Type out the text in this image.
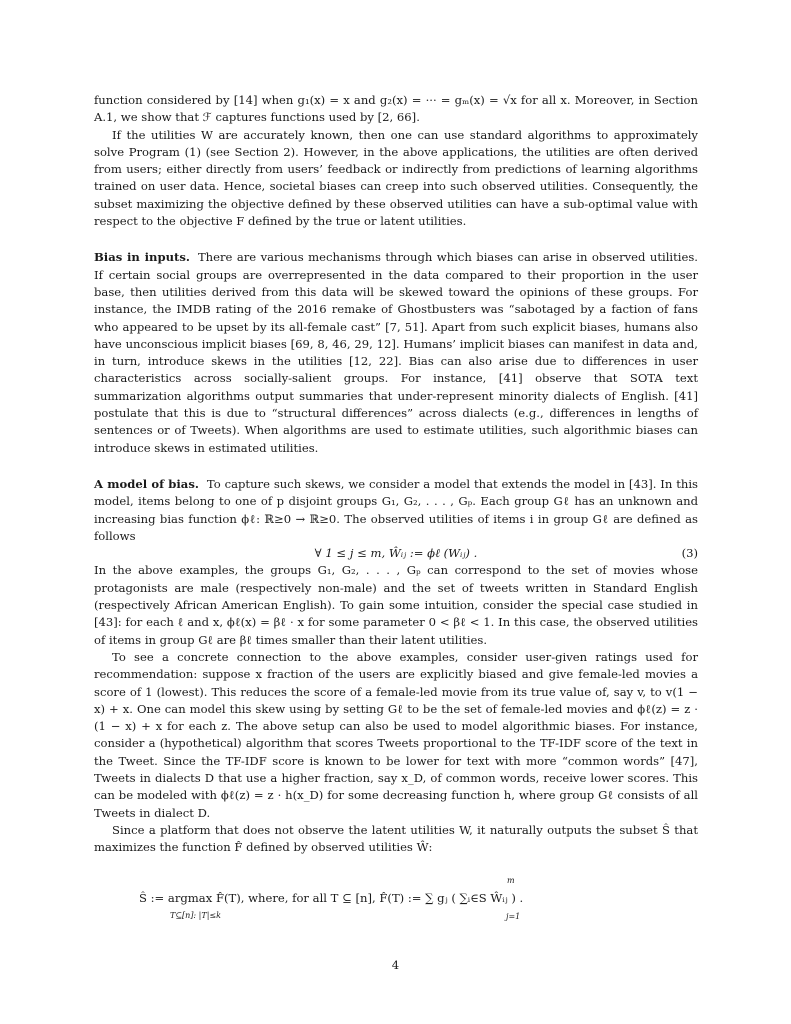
function considered by [14] when g₁(x) = x and g₂(x) = ··· = gₘ(x) = √x for all x. Moreover, in Section A.1, we show that ℱ captures functions used by [2, 66].

If the utilities W are accurately known, then one can use standard algorithms to approximately solve Program (1) (see Section 2). However, in the above applications, the utilities are often derived from users; either directly from users’ feedback or indirectly from predictions of learning algorithms trained on user data. Hence, societal biases can creep into such observed utilities. Consequently, the subset maximizing the objective defined by these observed utilities can have a sub-optimal value with respect to the objective F defined by the true or latent utilities.

Bias in inputs. There are various mechanisms through which biases can arise in observed utilities. If certain social groups are overrepresented in the data compared to their proportion in the user base, then utilities derived from this data will be skewed toward the opinions of these groups. For instance, the IMDB rating of the 2016 remake of Ghostbusters was “sabotaged by a faction of fans who appeared to be upset by its all-female cast” [7, 51]. Apart from such explicit biases, humans also have unconscious implicit biases [69, 8, 46, 29, 12]. Humans’ implicit biases can manifest in data and, in turn, introduce skews in the utilities [12, 22]. Bias can also arise due to differences in user characteristics across socially-salient groups. For instance, [41] observe that SOTA text summarization algorithms output summaries that under-represent minority dialects of English. [41] postulate that this is due to “structural differences” across dialects (e.g., differences in lengths of sentences or of Tweets). When algorithms are used to estimate utilities, such algorithmic biases can introduce skews in estimated utilities.

A model of bias. To capture such skews, we consider a model that extends the model in [43]. In this model, items belong to one of p disjoint groups G₁, G₂, . . . , Gₚ. Each group Gℓ has an unknown and increasing bias function ϕℓ: ℝ≥0 → ℝ≥0. The observed utilities of items i in group Gℓ are defined as follows

∀ 1 ≤ j ≤ m, Ŵᵢⱼ := ϕℓ (Wᵢⱼ) .	(3)

In the above examples, the groups G₁, G₂, . . . , Gₚ can correspond to the set of movies whose protagonists are male (respectively non-male) and the set of tweets written in Standard English (respectively African American English). To gain some intuition, consider the special case studied in [43]: for each ℓ and x, ϕℓ(x) = βℓ · x for some parameter 0 < βℓ < 1. In this case, the observed utilities of items in group Gℓ are βℓ times smaller than their latent utilities.

To see a concrete connection to the above examples, consider user-given ratings used for recommendation: suppose x fraction of the users are explicitly biased and give female-led movies a score of 1 (lowest). This reduces the score of a female-led movie from its true value of, say v, to v(1 − x) + x. One can model this skew using by setting Gℓ to be the set of female-led movies and ϕℓ(z) = z · (1 − x) + x for each z. The above setup can also be used to model algorithmic biases. For instance, consider a (hypothetical) algorithm that scores Tweets proportional to the TF-IDF score of the text in the Tweet. Since the TF-IDF score is known to be lower for text with more “common words” [47], Tweets in dialects D that use a higher fraction, say x_D, of common words, receive lower scores. This can be modeled with ϕℓ(z) = z · h(x_D) for some decreasing function h, where group Gℓ consists of all Tweets in dialect D.

Since a platform that does not observe the latent utilities W, it naturally outputs the subset Ŝ that maximizes the function F̂ defined by observed utilities Ŵ:

m
Ŝ := argmax F̂(T), where, for all T ⊆ [n], F̂(T) := ∑ gⱼ ( ∑ᵢ∈S Ŵᵢⱼ ) .
T⊆[n]: |T|≤k	j=1
4
